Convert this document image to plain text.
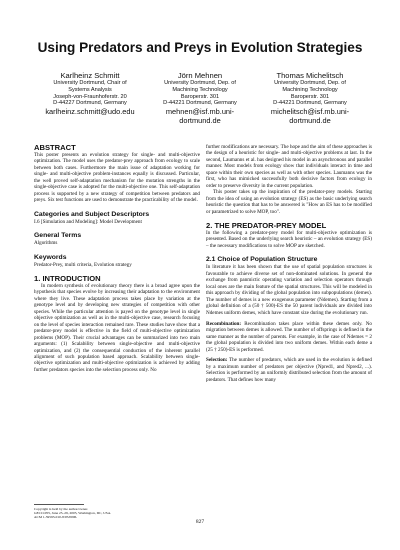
Using Predators and Preys in Evolution Strategies
Karlheinz Schmitt
University Dortmund, Chair of
Systems Analysis
Joseph-von-Fraunhoferstr. 20
D-44227 Dortmund, Germany
karlheinz.schmitt@udo.edu
Jörn Mehnen
University Dortmund, Dep. of
Machining Technology
Baroperstr. 301
D-44221 Dortmund, Germany
mehnen@isf.mb.uni-
dortmund.de
Thomas Michelitsch
University Dortmund, Dep. of
Machining Technology
Baroperstr. 301
D-44221 Dortmund, Germany
michelitsch@isf.mb.uni-
dortmund.de
ABSTRACT

This poster presents an evolution strategy for single- and multi-objective optimization. The model uses the predator-prey approach from ecology to scale between both cases. Furthermore the main issue of adaptation working for single- and multi-objective problem-instances equally is discussed. Particular, the well proved self-adaptation mechanism for the mutation strengths in the single-objective case is adopted for the multi-objective one. This self-adaptation process is supported by a new strategy of competition between predators and preys. Six test functions are used to demonstrate the practicability of the model.

Categories and Subject Descriptors

I.6 [Simulation and Modeling]: Model Development

General Terms

Algorithms

Keywords

Predator-Prey, multi criteria, Evolution strategy

1. INTRODUCTION

In modern synthesis of evolutionary theory there is a broad agree upon the hypothesis that species evolve by increasing their adaptation to the environment where they live. These adaptation process takes place by variation at the genotype level and by developing new strategies of competition with other species. While the particular attention is payed on the genotype level in single objective optimization as well as in the multi-objective case, research focusing on the level of species interaction remained rare. These studies have show that a predator-prey model is effective in the field of multi-objective optimization problems (MOP). Their crucial advantages can be summarized into two main arguments: (1) Scalability between single-objective and multi-objective optimization, and (2) the consequential conduction of the inherent parallel alignment of such population based approach. Scalability between single-objective optimization and multi-objective optimization is achieved by adding further predators species into the selection process only. No

Copyright is held by the author/owner.
GECCO'05, June 25–29, 2005, Washington, DC, USA.
ACM 1-59593-010-8/05/0006.

further modifications are necessary. The hope and the aim of these approaches is the design of a heuristic for single- and multi-objective problems at last. In the second, Laumanns et al. has designed his model in an asynchronous and parallel manner. Most models from ecology show that individuals interact in time and space within their own species as well as with other species. Laumanns was the first, who has mimicked successfully both decisive factors from ecology in order to preserve diversity in the current population.

This poster takes up the inspiration of the predator-prey models. Starting from the idea of using an evolution strategy (ES) as the basic underlying search heuristic the question that has to be answered is "How an ES has to be modified or parametrized to solve MOP, too".

2. THE PREDATOR-PREY MODEL

In the following a predator-prey model for multi-objective optimization is presented. Based on the underlying search heuristic – an evolution strategy (ES) – the necessary modifications to solve MOP are sketched.

2.1 Choice of Population Structure

In literature it has been shown that the use of spatial population structures is favourable to achieve diverse set of non-dominated solutions. In general the exchange from panmictic operating variation and selection operators through local ones are the main feature of the spatial structures. This will be modeled in this approach by dividing of the global population into subpopulations (demes). The number of demes is a new exogenous parameter (Ndemes). Starting from a global definition of a (50 † 500)-ES the 50 parent individuals are divided into Ndemes uniform demes, which have constant size during the evolutionary run.

Recombination: Recombination takes place within these demes only. No migration between demes is allowed. The number of offsprings is defined in the same manner as the number of parents. For example, in the case of Ndemes = 2 the global population is divided into two uniform demes. Within each deme a (25 † 250)-ES is performed.

Selection: The number of predators, which are used in the evolution is defined by a maximum number of predators per objective (Npred1, and Npred2, ...). Selection is performed by an uniformly distributed selection from the amount of predators. That defines how many

827
